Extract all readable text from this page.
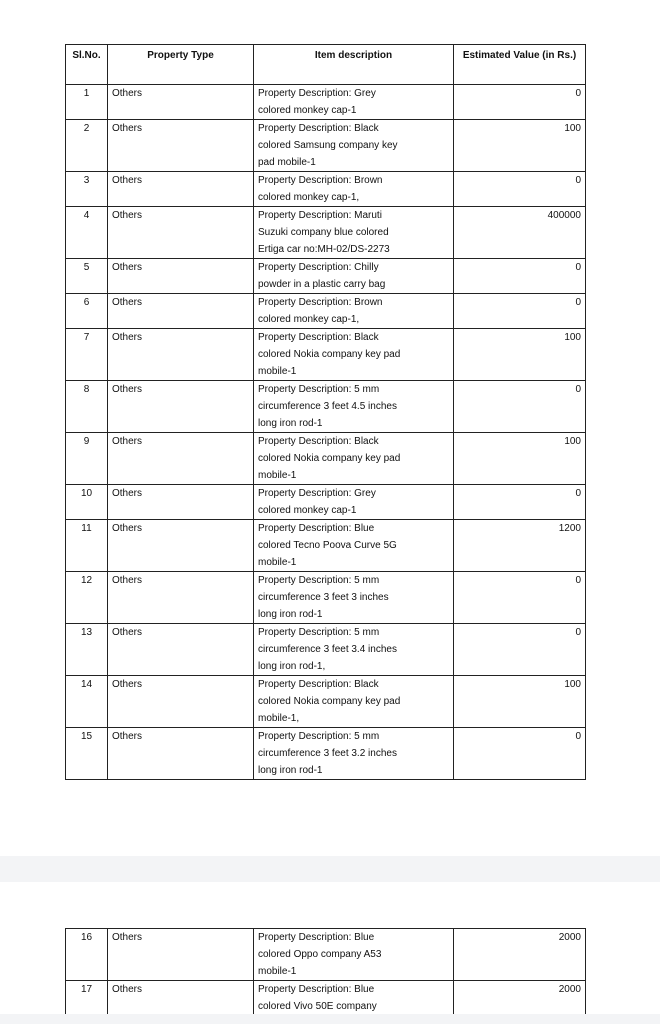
Sl.No.	Property Type	Item description	Estimated Value (in Rs.)
1	Others	Property Description: Grey
colored monkey cap-1	0
2	Others	Property Description: Black
colored Samsung company key
pad mobile-1	100
3	Others	Property Description: Brown
colored monkey cap-1,	0
4	Others	Property Description: Maruti
Suzuki company blue colored
Ertiga car no:MH-02/DS-2273	400000
5	Others	Property Description: Chilly
powder in a plastic carry bag	0
6	Others	Property Description: Brown
colored monkey cap-1,	0
7	Others	Property Description: Black
colored Nokia company key pad
mobile-1	100
8	Others	Property Description: 5 mm
circumference 3 feet 4.5 inches
long iron rod-1	0
9	Others	Property Description: Black
colored Nokia company key pad
mobile-1	100
10	Others	Property Description: Grey
colored monkey cap-1	0
11	Others	Property Description: Blue
colored Tecno Poova Curve 5G
mobile-1	1200
12	Others	Property Description: 5 mm
circumference 3 feet 3 inches
long iron rod-1	0
13	Others	Property Description: 5 mm
circumference 3 feet 3.4 inches
long iron rod-1,	0
14	Others	Property Description: Black
colored Nokia company key pad
mobile-1,	100
15	Others	Property Description: 5 mm
circumference 3 feet 3.2 inches
long iron rod-1	0
16	Others	Property Description: Blue
colored Oppo company A53
mobile-1	2000
17	Others	Property Description: Blue
colored Vivo 50E company	2000
